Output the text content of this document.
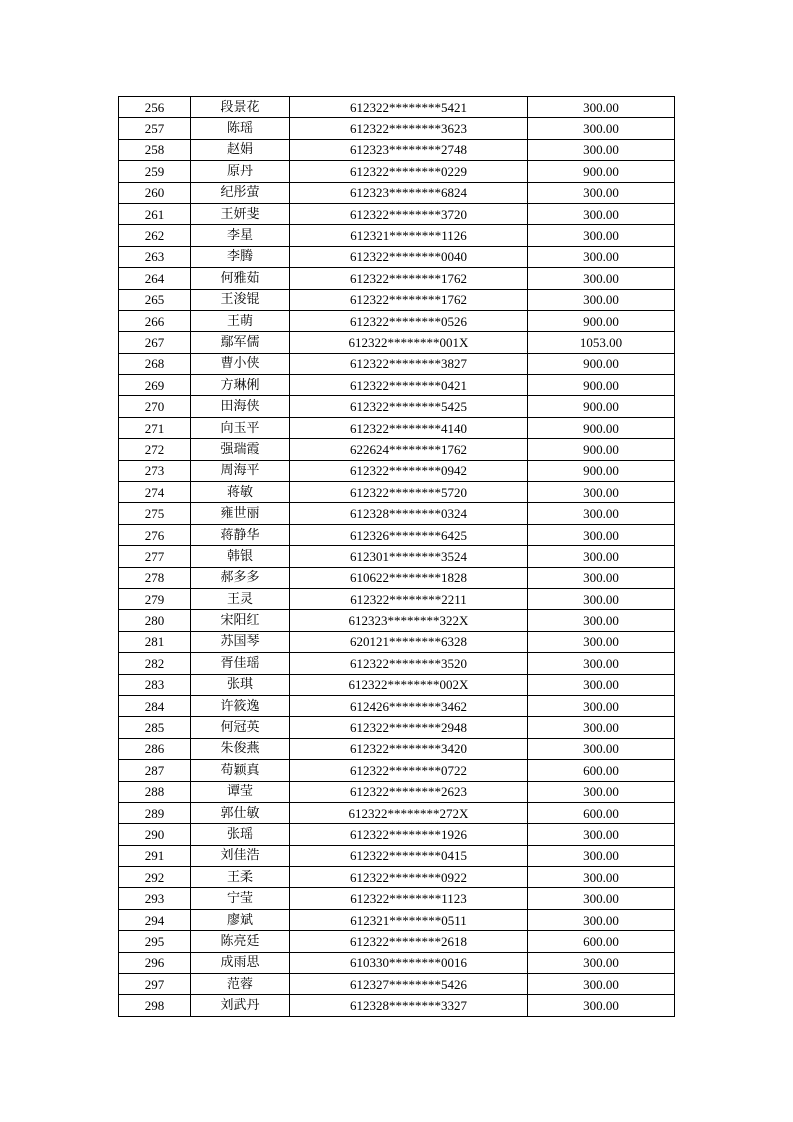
256	段景花	612322********5421	300.00
257	陈瑶	612322********3623	300.00
258	赵娟	612323********2748	300.00
259	原丹	612322********0229	900.00
260	纪彤萤	612323********6824	300.00
261	王妍斐	612322********3720	300.00
262	李星	612321********1126	300.00
263	李腾	612322********0040	300.00
264	何雅茹	612322********1762	300.00
265	王浚锟	612322********1762	300.00
266	王萌	612322********0526	900.00
267	鄢军儒	612322********001X	1053.00
268	曹小侠	612322********3827	900.00
269	方琳俐	612322********0421	900.00
270	田海侠	612322********5425	900.00
271	向玉平	612322********4140	900.00
272	强瑞霞	622624********1762	900.00
273	周海平	612322********0942	900.00
274	蒋敏	612322********5720	300.00
275	雍世丽	612328********0324	300.00
276	蒋静华	612326********6425	300.00
277	韩银	612301********3524	300.00
278	郝多多	610622********1828	300.00
279	王灵	612322********2211	300.00
280	宋阳红	612323********322X	300.00
281	苏国琴	620121********6328	300.00
282	胥佳瑶	612322********3520	300.00
283	张琪	612322********002X	300.00
284	许筱逸	612426********3462	300.00
285	何冠英	612322********2948	300.00
286	朱俊燕	612322********3420	300.00
287	苟颖真	612322********0722	600.00
288	谭莹	612322********2623	300.00
289	郭仕敏	612322********272X	600.00
290	张瑶	612322********1926	300.00
291	刘佳浩	612322********0415	300.00
292	王柔	612322********0922	300.00
293	宁莹	612322********1123	300.00
294	廖斌	612321********0511	300.00
295	陈亮廷	612322********2618	600.00
296	成雨思	610330********0016	300.00
297	范蓉	612327********5426	300.00
298	刘武丹	612328********3327	300.00
